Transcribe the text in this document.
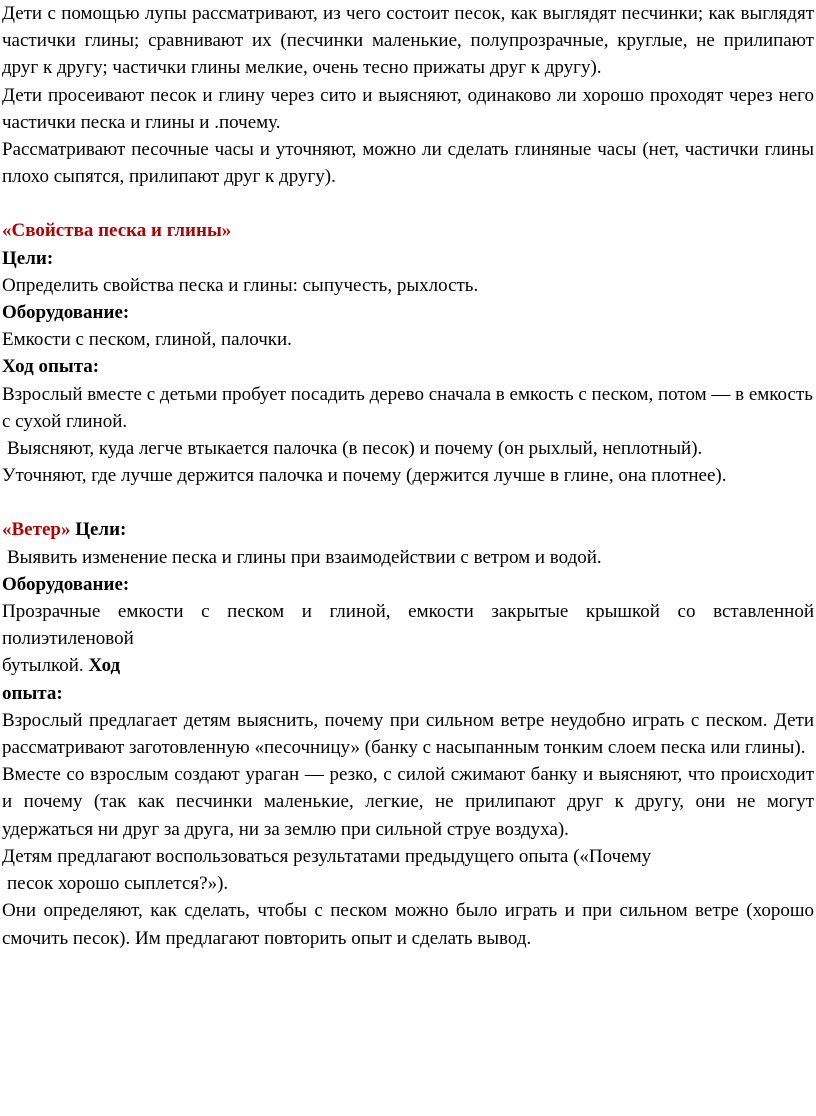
Дети с помощью лупы рассматривают, из чего состоит песок, как выглядят песчинки; как выглядят частички глины; сравнивают их (песчинки маленькие, полупрозрачные, круглые, не прилипают друг к другу; частички глины мелкие, очень тесно прижаты друг к другу).

Дети просеивают песок и глину через сито и выясняют, одинаково ли хорошо проходят через него частички песка и глины и .почему.

Рассматривают песочные часы и уточняют, можно ли сделать глиняные часы (нет, частички глины плохо сыпятся, прилипают друг к другу).

«Свойства песка и глины»

Цели:

Определить свойства песка и глины: сыпучесть, рыхлость.

Оборудование:

Емкости с песком, глиной, палочки.

Ход опыта:

Взрослый вместе с детьми пробует посадить дерево сначала в емкость с песком, потом — в емкость с сухой глиной.

Выясняют, куда легче втыкается палочка (в песок) и почему (он рыхлый, неплотный).

Уточняют, где лучше держится палочка и почему (держится лучше в глине, она плотнее).

«Ветер» Цели:

Выявить изменение песка и глины при взаимодействии с ветром и водой.

Оборудование:

Прозрачные емкости с песком и глиной, емкости закрытые крышкой со вставленной полиэтиленовой

бутылкой. Ход

опыта:

Взрослый предлагает детям выяснить, почему при сильном ветре неудобно играть с песком. Дети рассматривают заготовленную «песочницу» (банку с насыпанным тонким слоем песка или глины).

Вместе со взрослым создают ураган — резко, с силой сжимают банку и выясняют, что происходит и почему (так как песчинки маленькие, легкие, не прилипают друг к другу, они не могут удержаться ни друг за друга, ни за землю при сильной струе воздуха).

Детям предлагают воспользоваться результатами предыдущего опыта («Почему

песок хорошо сыплется?»).

Они определяют, как сделать, чтобы с песком можно было играть и при сильном ветре (хорошо смочить песок). Им предлагают повторить опыт и сделать вывод.
